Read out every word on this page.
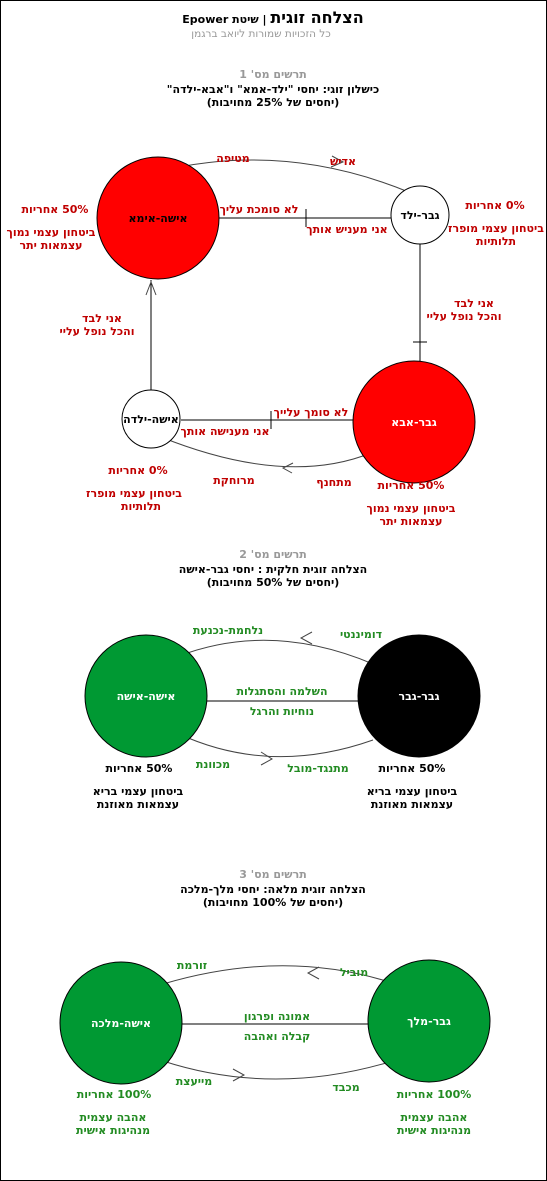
הצלחה זוגית | שיטת Epower
כל הזכויות שמורות ליואב ברגמן
תרשים מס' 1
כישלון זוגי: יחסי "ילד-אמא" ו"אבא-ילדה"
(יחסים של 25% מחויבות)
אישה-אימא	גבר-ילד
גבר-אבא
אישה-ילדה
מטיפה	אדיש
לא סומכת עליך
אני מעניש אותך
אני לבד
והכל נופל עליי
אני לבד
והכל נופל עליי
לא סומך עלייך
אני מענישה אותך
מרוחקת	מתחנף
50% אחריות
ביטחון עצמי נמוך
עצמאות יתר
0% אחריות
ביטחון עצמי מופרז
תלותיות
0% אחריות
ביטחון עצמי מופרז
תלותיות
50% אחריות
ביטחון עצמי נמוך
עצמאות יתר
תרשים מס' 2
הצלחה זוגית חלקית : יחסי גבר-אישה
(יחסים של 50% מחויבות)
אישה-אישה	גבר-גבר
נלחמת-נכנעת	דומיננטי
השלמה והסתגלות
נוחיות והרגל
מכוונת	מתנגד-מובל
50% אחריות
ביטחון עצמי בריא
עצמאות מאוזנת
50% אחריות
ביטחון עצמי בריא
עצמאות מאוזנת
תרשים מס' 3
הצלחה זוגית מלאה: יחסי מלך-מלכה
(יחסים של 100% מחויבות)
אישה-מלכה	גבר-מלך
זורמת
מוביל
אמונה ופרגון
קבלה ואהבה
מייעצת	מכבד
100% אחריות
אהבה עצמית
מנהיגות אישית
100% אחריות
אהבה עצמית
מנהיגות אישית
